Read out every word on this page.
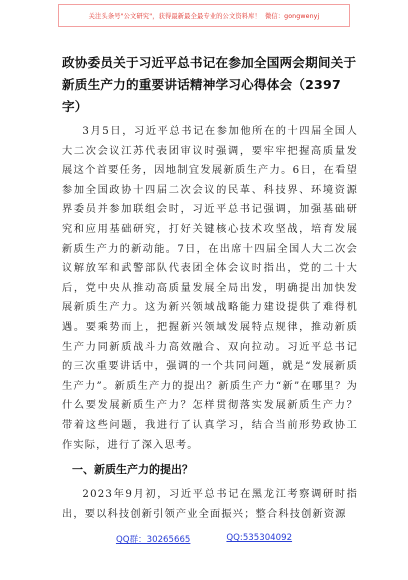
关注头条号"公文研究"，获得最新最全最专业的公文资料库！ 微信：gongwenyj
政协委员关于习近平总书记在参加全国两会期间关于新质生产力的重要讲话精神学习心得体会（2397字）
3月5日，习近平总书记在参加他所在的十四届全国人大二次会议江苏代表团审议时强调，要牢牢把握高质量发展这个首要任务，因地制宜发展新质生产力。6日，在看望参加全国政协十四届二次会议的民革、科技界、环境资源界委员并参加联组会时，习近平总书记强调，加强基础研究和应用基础研究，打好关键核心技术攻坚战，培育发展新质生产力的新动能。7日，在出席十四届全国人大二次会议解放军和武警部队代表团全体会议时指出，党的二十大后，党中央从推动高质量发展全局出发，明确提出加快发展新质生产力。这为新兴领域战略能力建设提供了难得机遇。要乘势而上，把握新兴领域发展特点规律，推动新质生产力同新质战斗力高效融合、双向拉动。习近平总书记的三次重要讲话中，强调的一个共同问题，就是“发展新质生产力”。新质生产力的提出？新质生产力“新”在哪里？为什么要发展新质生产力？怎样贯彻落实发展新质生产力？带着这些问题，我进行了认真学习，结合当前形势政协工作实际，进行了深入思考。
一、新质生产力的提出？
2023年9月初，习近平总书记在黑龙江考察调研时指出，要以科技创新引领产业全面振兴；整合科技创新资源
QQ群：30265665	QQ:535304092
